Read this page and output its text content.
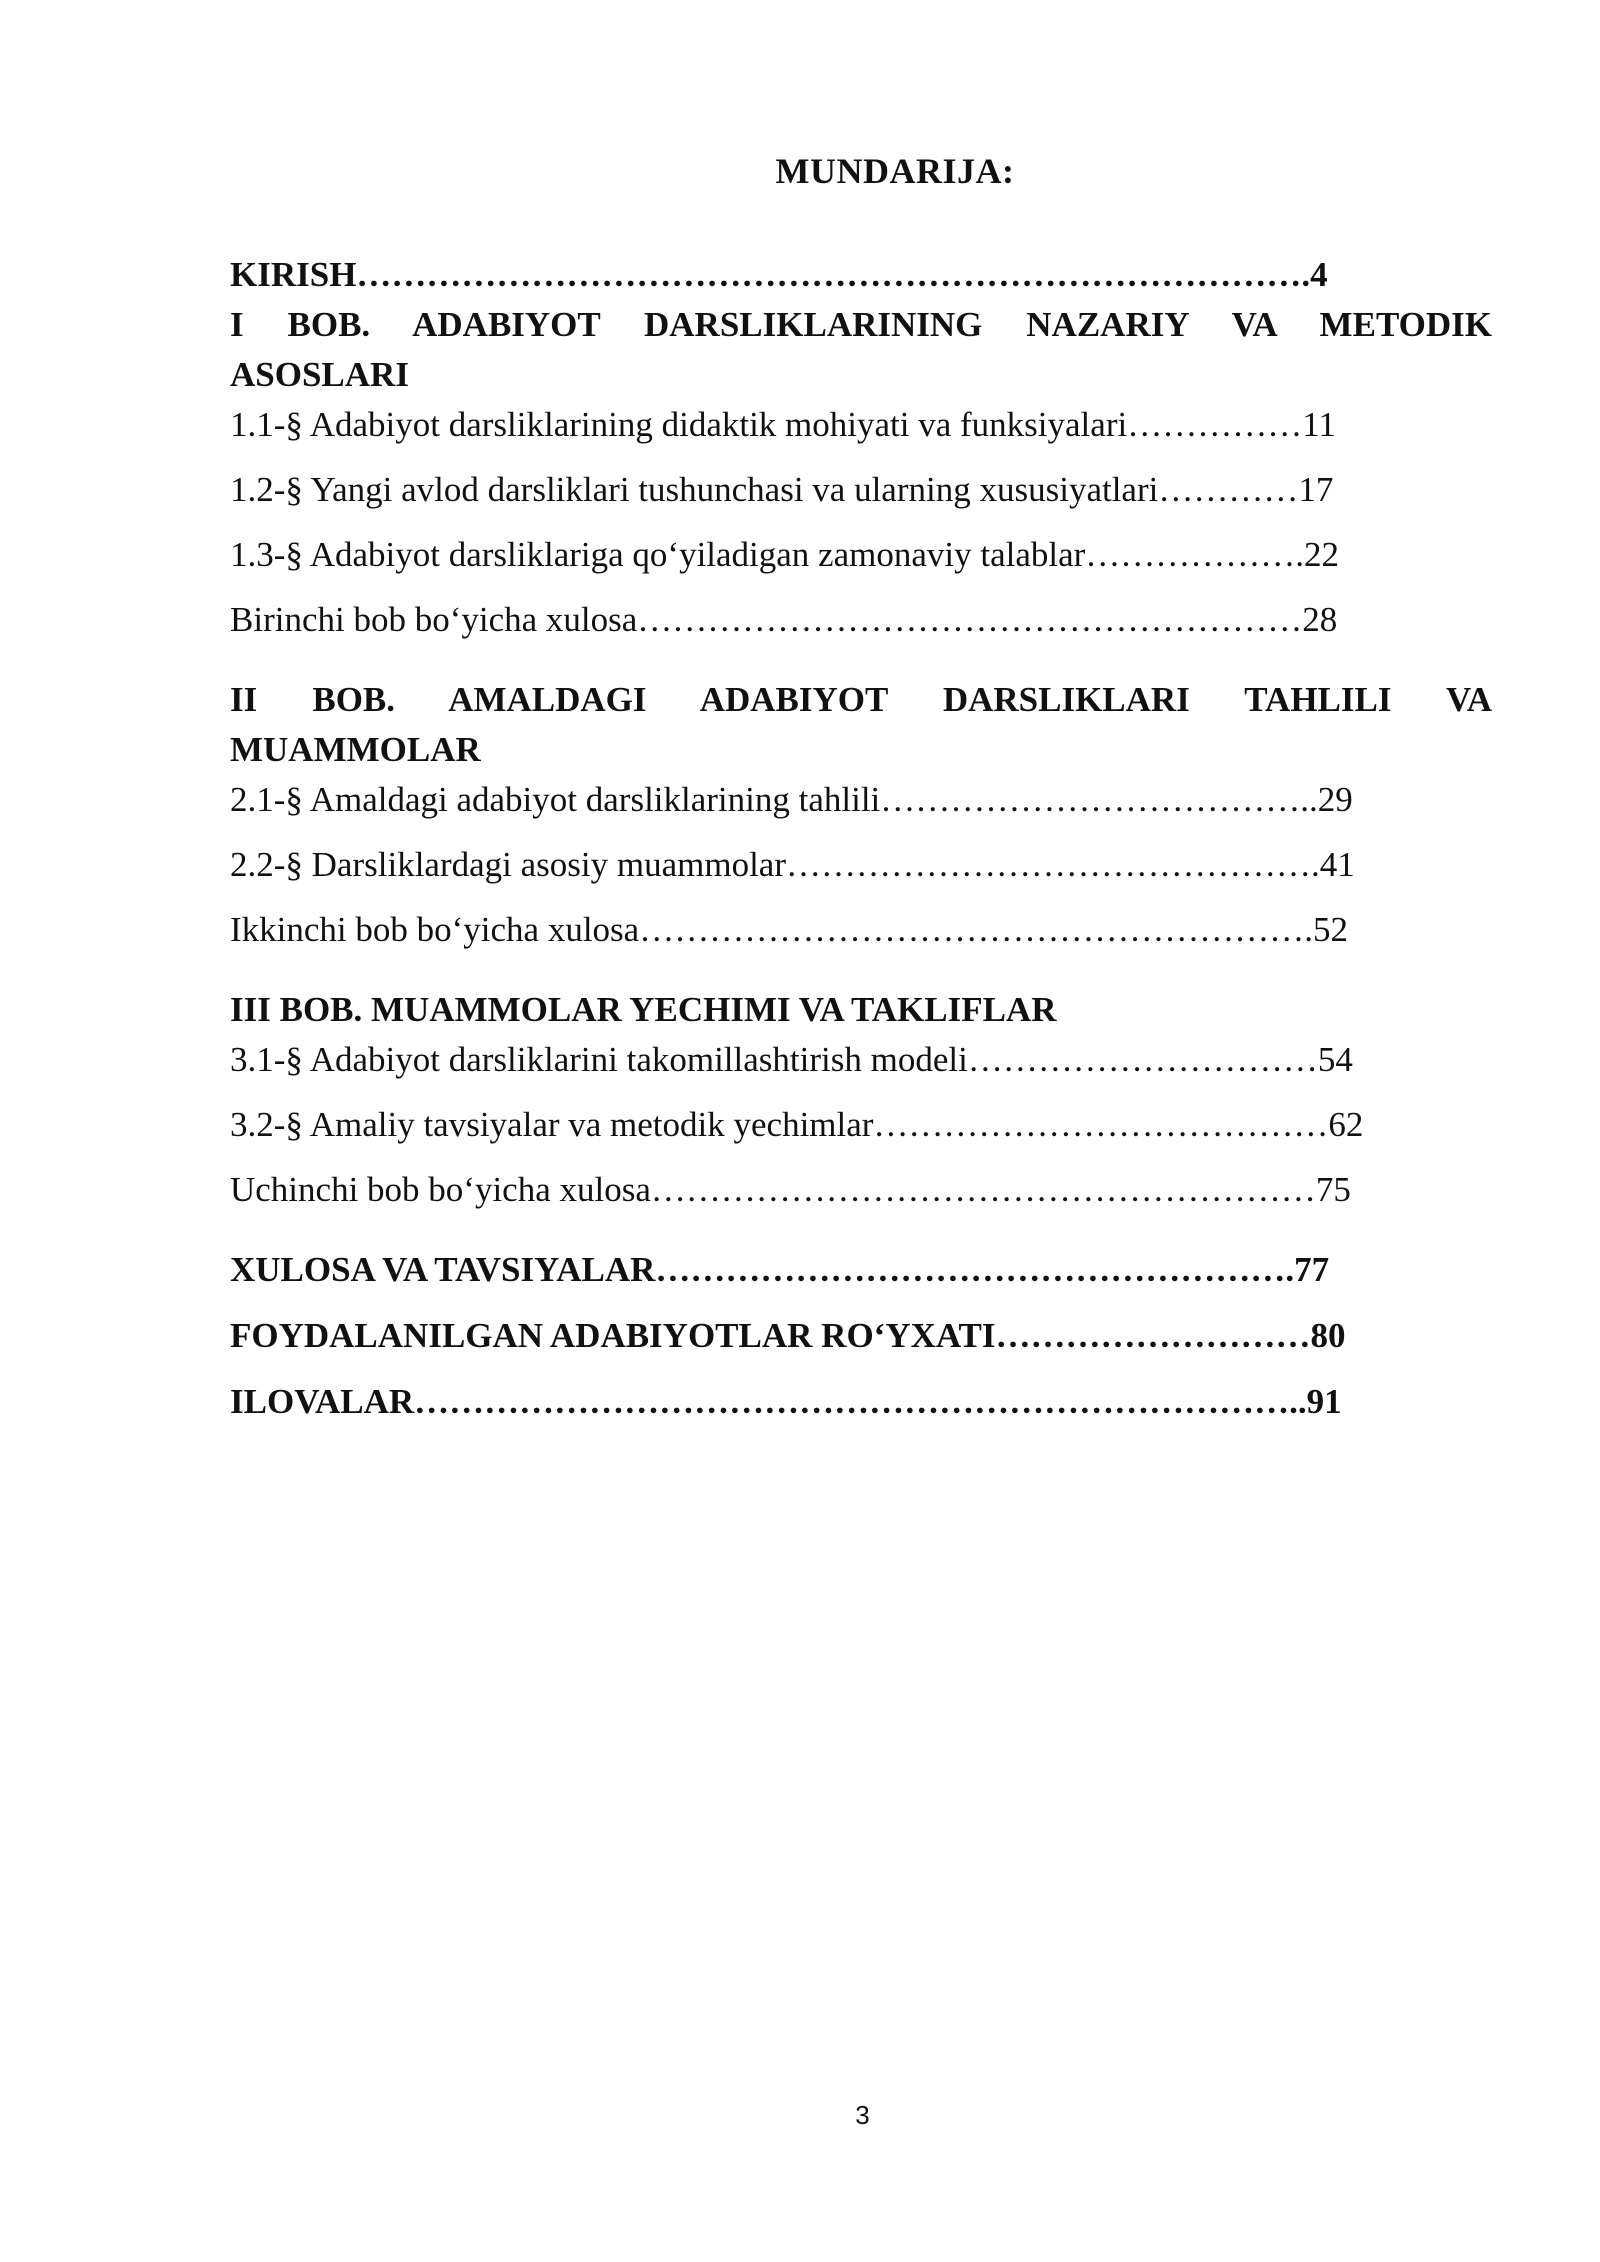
MUNDARIJA:
KIRISH……………………………………………………………………….4
I BOB. ADABIYOT DARSLIKLARINING NAZARIY VA METODIK ASOSLARI
1.1-§ Adabiyot darsliklarining didaktik mohiyati va funksiyalari……………11
1.2-§ Yangi avlod darsliklari tushunchasi va ularning xususiyatlari…………17
1.3-§ Adabiyot darsliklariga qo‘yiladigan zamonaviy talablar……………….22
Birinchi bob bo‘yicha xulosa…………………………………………………28
II BOB. AMALDAGI ADABIYOT DARSLIKLARI TAHLILI VA MUAMMOLAR
2.1-§ Amaldagi adabiyot darsliklarining tahlili………………………………..29
2.2-§ Darsliklardagi asosiy muammolar……………………………………….41
Ikkinchi bob bo‘yicha xulosa………………………………………………….52
III BOB. MUAMMOLAR YECHIMI VA TAKLIFLAR
3.1-§ Adabiyot darsliklarini takomillashtirish modeli…………………………54
3.2-§ Amaliy tavsiyalar va metodik yechimlar…………………………………62
Uchinchi bob bo‘yicha xulosa…………………………………………………75
XULOSA VA TAVSIYALAR……………………………………………….77
FOYDALANILGAN ADABIYOTLAR RO‘YXATI………………………80
ILOVALAR…………………………………………………………………..91
3
